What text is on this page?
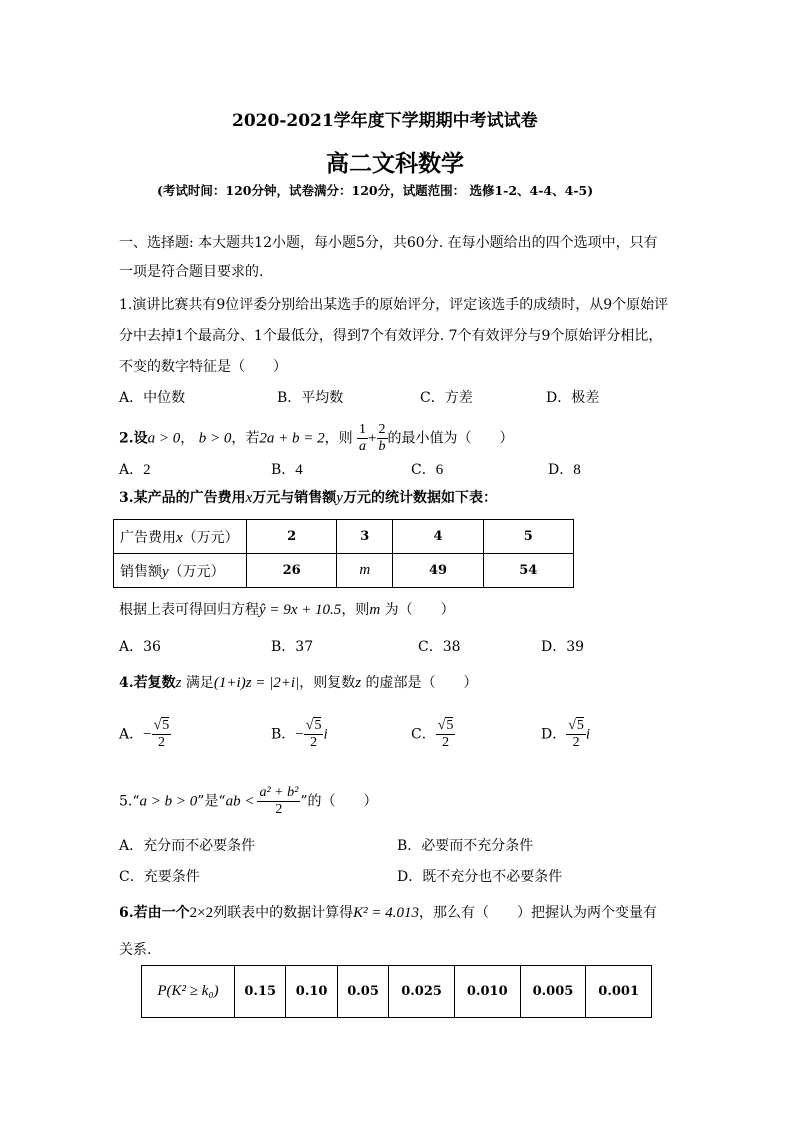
2020-2021学年度下学期期中考试试卷
高二文科数学
(考试时间：120分钟，试卷满分：120分，试题范围： 选修1-2、4-4、4-5)
一、选择题: 本大题共12小题，每小题5分，共60分. 在每小题给出的四个选项中，只有
一项是符合题目要求的.
1.演讲比赛共有9位评委分别给出某选手的原始评分，评定该选手的成绩时，从9个原始评
分中去掉1个最高分、1个最低分，得到7个有效评分. 7个有效评分与9个原始评分相比，
不变的数字特征是（　　）
A．中位数	B．平均数	C．方差	D．极差
2.设a > 0， b > 0，若2a + b = 2，则 $\frac{1}{a} + \frac{2}{b}$ 的最小值为（　　）
A．2	B．4	C．6	D．8
3.某产品的广告费用x万元与销售额y万元的统计数据如下表：
广告费用x（万元）	2	3	4	5
销售额y（万元）	26	m	49	54
根据上表可得回归方程ŷ = 9x + 10.5，则m 为（　　）
A．36	B．37	C．38	D．39
4.若复数z 满足(1+i)z = |2+i|，则复数z 的虚部是（　　）
A．− $\frac{√5}{2}$	B．− $\frac{√5}{2}$ i	C． $\frac{√5}{2}$	D． $\frac{√5}{2}$ i
5.“a > b > 0”是“ab < $\frac{\text{a² + b²}}{2}$ ”的（　　）
A．充分而不必要条件	B．必要而不充分条件
C．充要条件	D．既不充分也不必要条件
6.若由一个2×2列联表中的数据计算得K² = 4.013，那么有（　　）把握认为两个变量有
关系.
P(K² ≥ k₀)	0.15	0.10	0.05	0.025	0.010	0.005	0.001
